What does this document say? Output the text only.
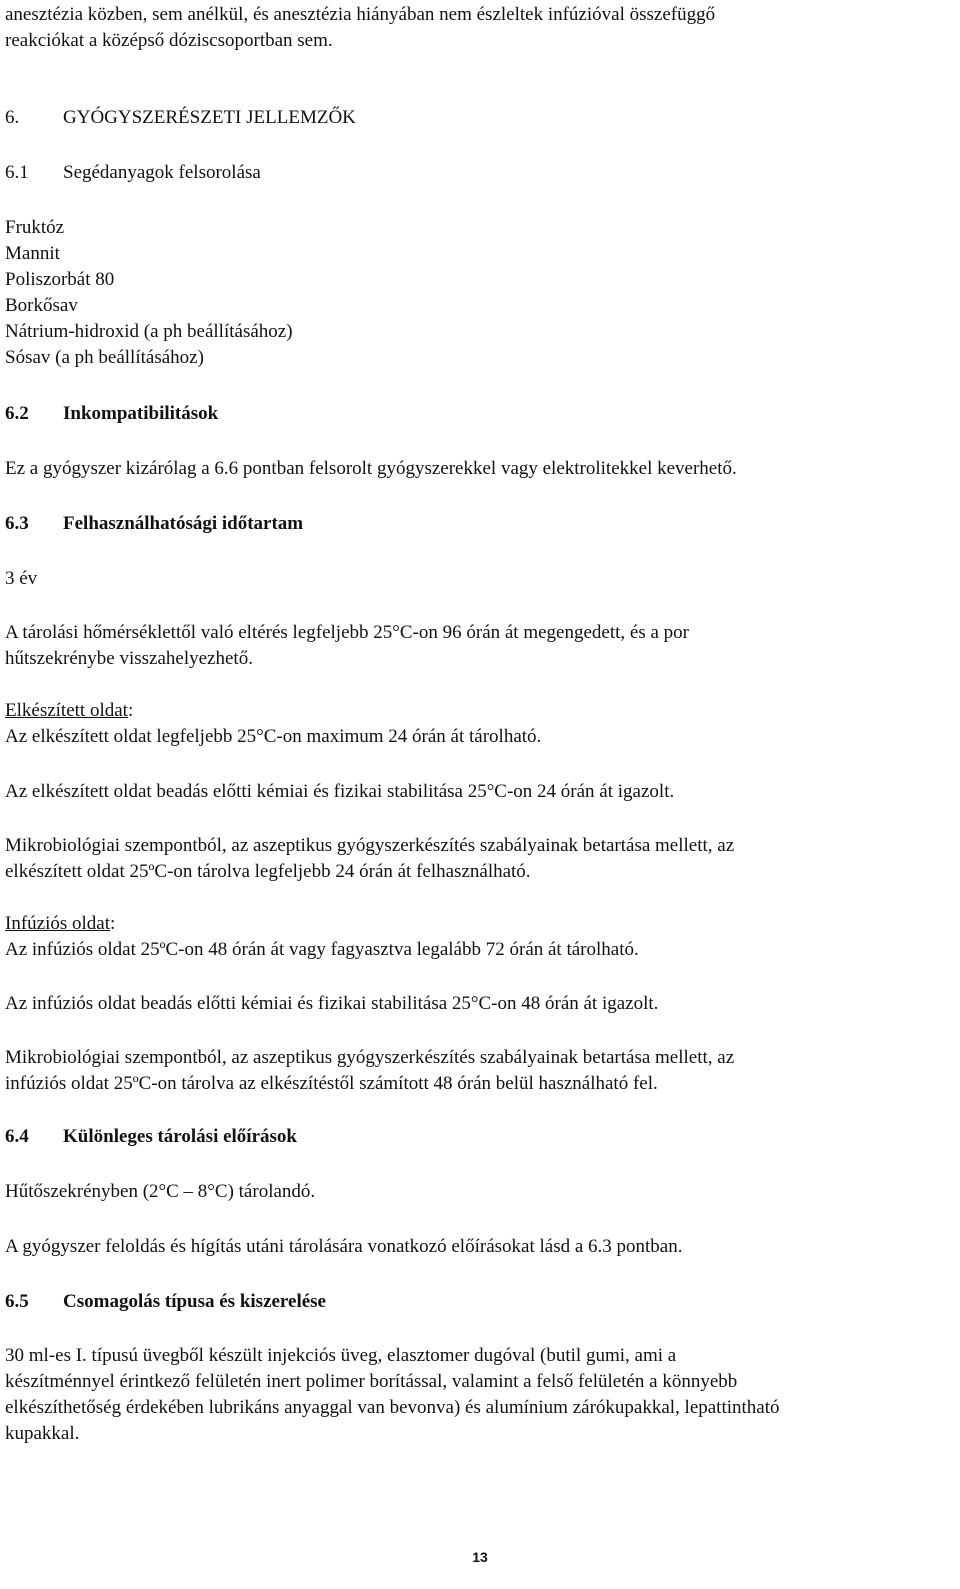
anesztézia közben, sem anélkül, és anesztézia hiányában nem észleltek infúzióval összefüggő
reakciókat a középső dóziscsoportban sem.
6.	GYÓGYSZERÉSZETI JELLEMZŐK
6.1	Segédanyagok felsorolása
Fruktóz
Mannit
Poliszorbát 80
Borkősav
Nátrium-hidroxid (a ph beállításához)
Sósav (a ph beállításához)
6.2	Inkompatibilitások
Ez a gyógyszer kizárólag a 6.6 pontban felsorolt gyógyszerekkel vagy elektrolitekkel keverhető.
6.3	Felhasználhatósági időtartam
3 év
A tárolási hőmérséklettől való eltérés legfeljebb 25°C-on 96 órán át megengedett, és a por
hűtszekrénybe visszahelyezhető.
Elkészített oldat:
Az elkészített oldat legfeljebb 25°C-on maximum 24 órán át tárolható.
Az elkészített oldat beadás előtti kémiai és fizikai stabilitása 25°C-on 24 órán át igazolt.
Mikrobiológiai szempontból, az aszeptikus gyógyszerkészítés szabályainak betartása mellett, az
elkészített oldat 25ºC-on tárolva legfeljebb 24 órán át felhasználható.
Infúziós oldat:
Az infúziós oldat 25ºC-on 48 órán át vagy fagyasztva legalább 72 órán át tárolható.
Az infúziós oldat beadás előtti kémiai és fizikai stabilitása 25°C-on 48 órán át igazolt.
Mikrobiológiai szempontból, az aszeptikus gyógyszerkészítés szabályainak betartása mellett, az
infúziós oldat 25ºC-on tárolva az elkészítéstől számított 48 órán belül használható fel.
6.4	Különleges tárolási előírások
Hűtőszekrényben (2°C – 8°C) tárolandó.
A gyógyszer feloldás és hígítás utáni tárolására vonatkozó előírásokat lásd a 6.3 pontban.
6.5	Csomagolás típusa és kiszerelése
30 ml-es I. típusú üvegből készült injekciós üveg, elasztomer dugóval (butil gumi, ami a
készítménnyel érintkező felületén inert polimer borítással, valamint a felső felületén a könnyebb
elkészíthetőség érdekében lubrikáns anyaggal van bevonva) és alumínium zárókupakkal, lepattintható
kupakkal.
13
